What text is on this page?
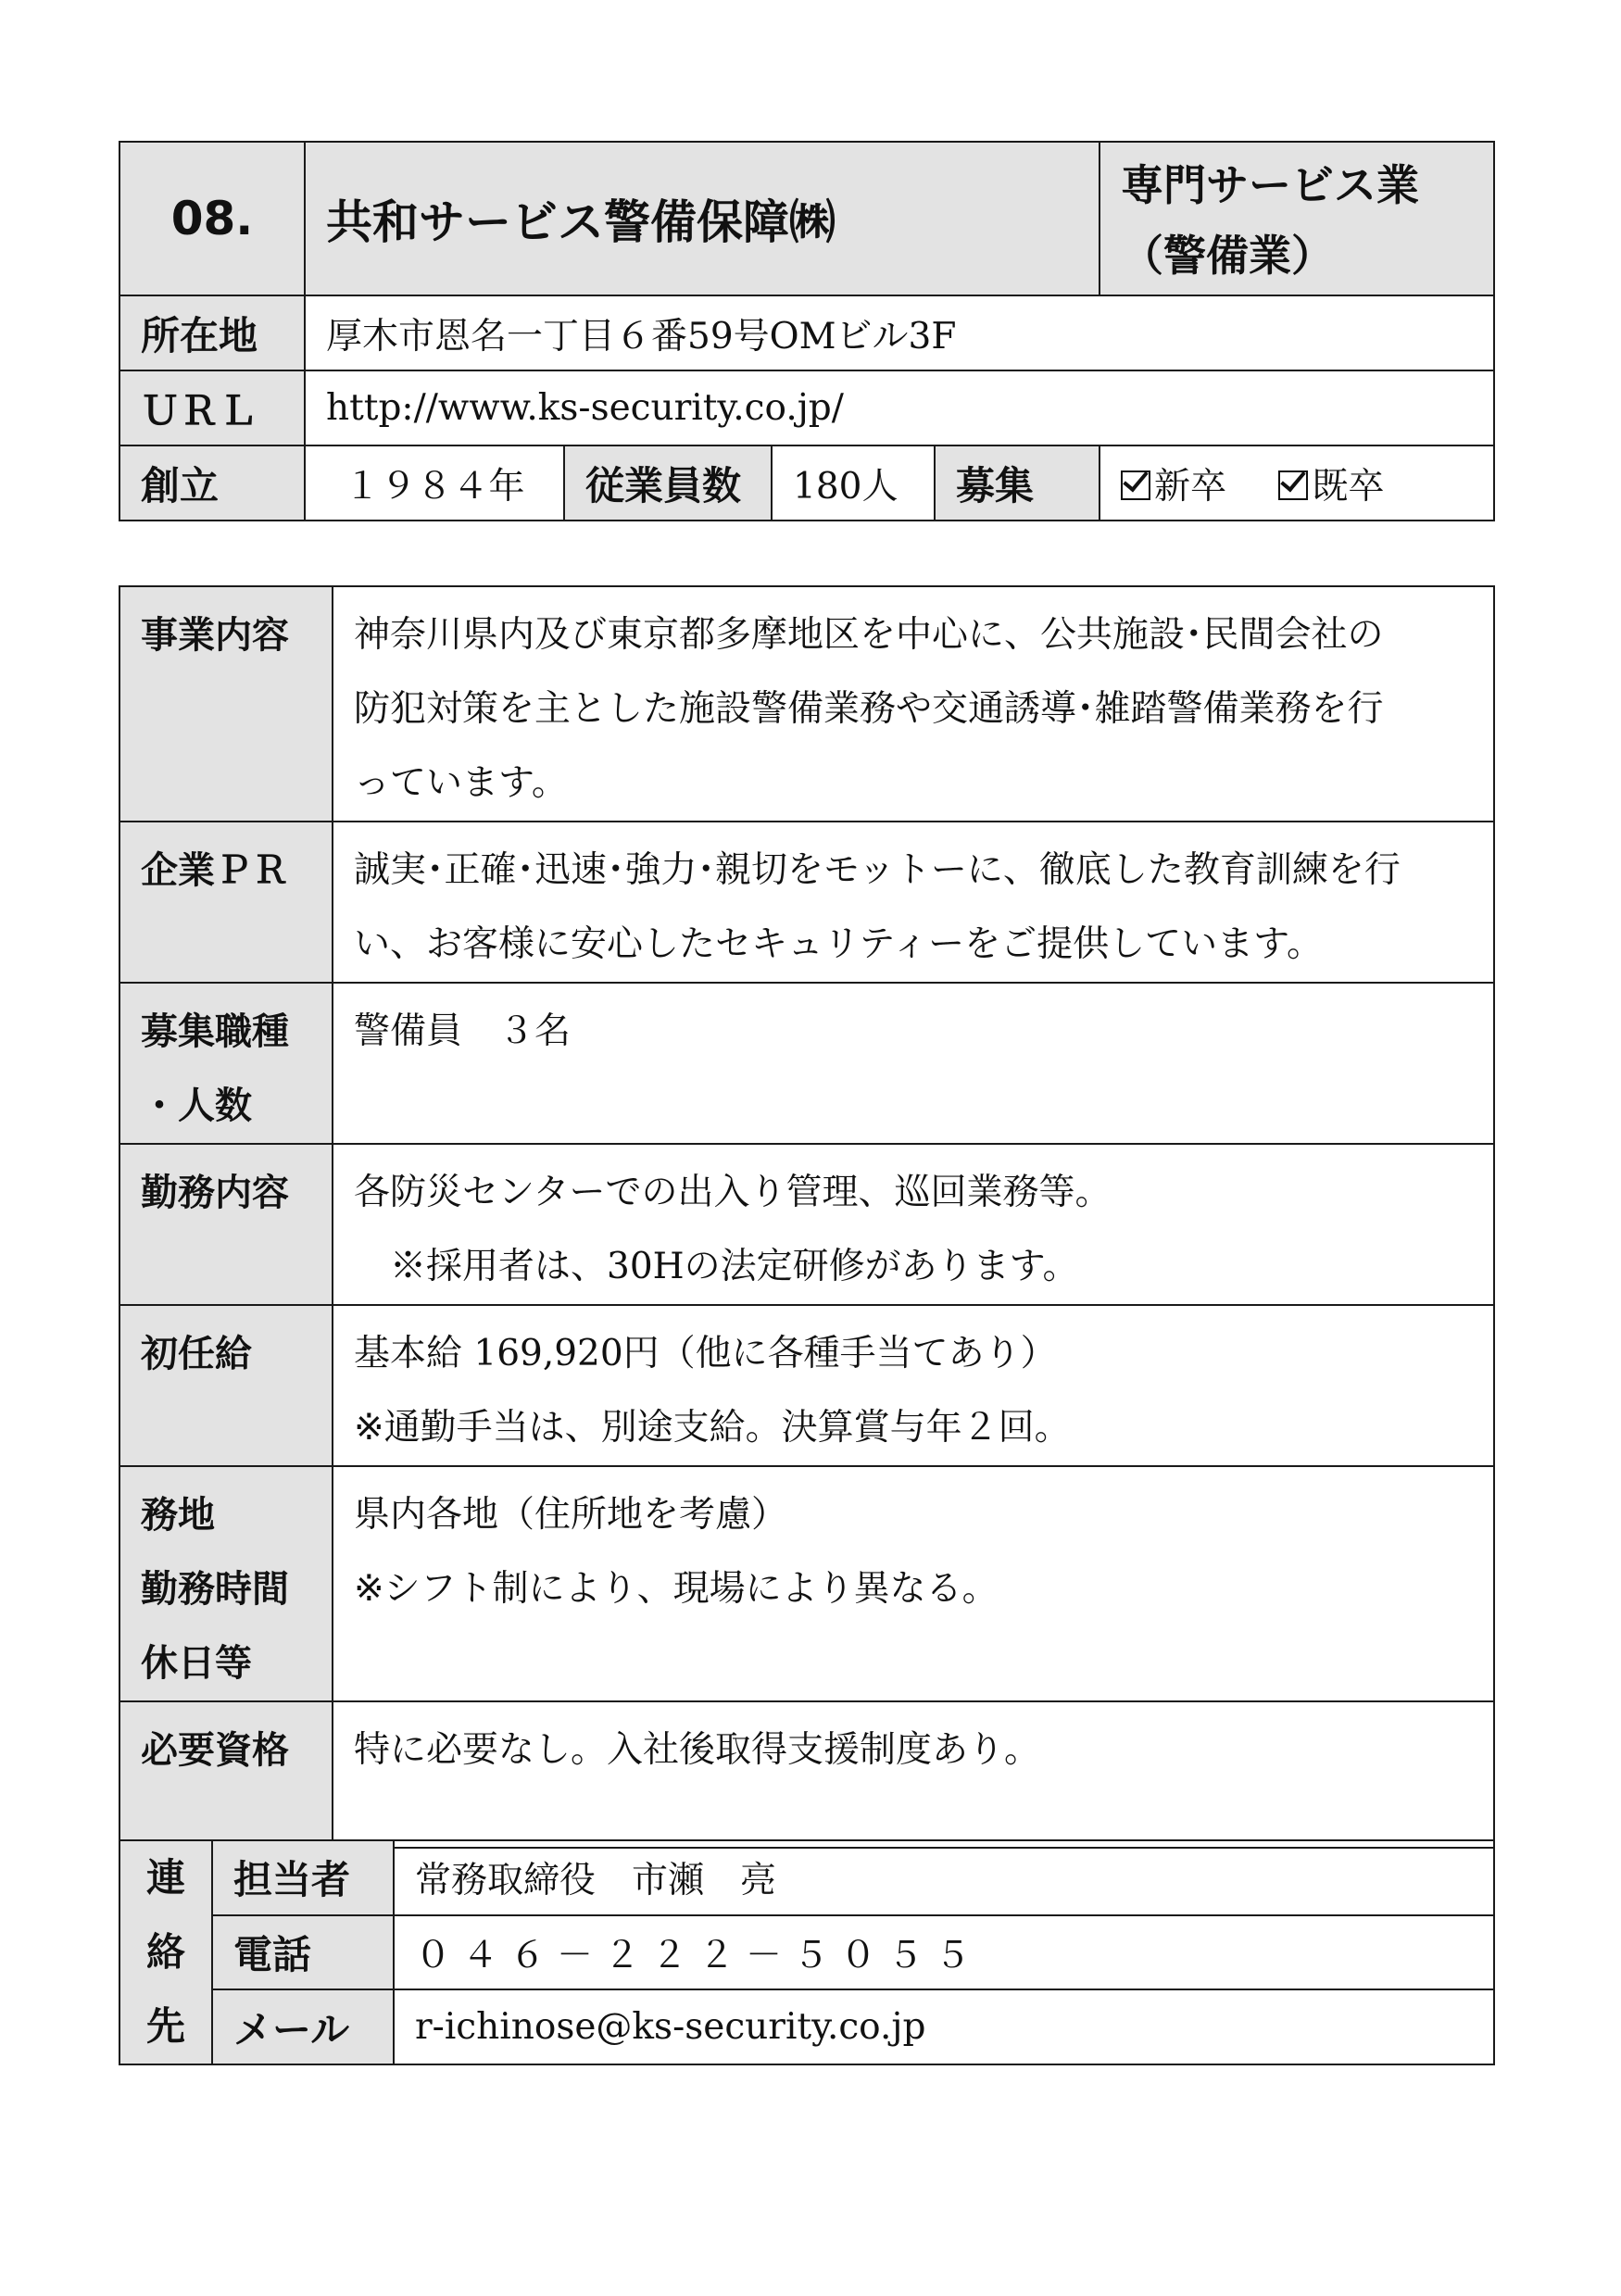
08.	共和サービス警備保障㈱				専門サービス業
（警備業）

所在地	厚木市恩名一丁目６番59号OMビル3F				
ＵＲＬ	http://www.ks-security.co.jp/				
創立	１９８４年	従業員数	180人	募集	新卒 既卒
事業内容	神奈川県内及び東京都多摩地区を中心に、公共施設･民間会社の
防犯対策を主とした施設警備業務や交通誘導･雑踏警備業務を行
っています。
企業ＰＲ	誠実･正確･迅速･強力･親切をモットーに、徹底した教育訓練を行
い、お客様に安心したセキュリティーをご提供しています。
募集職種
・人数	警備員　３名
勤務内容	各防災センターでの出入り管理、巡回業務等。
　※採用者は、30Hの法定研修があります。
初任給	基本給 169,920円（他に各種手当てあり）
※通勤手当は、別途支給。決算賞与年２回。
務地
勤務時間
休日等	県内各地（住所地を考慮）
※シフト制により、現場により異なる。
必要資格	特に必要なし。入社後取得支援制度あり。
連
絡
先	担当者	常務取締役　市瀬　亮
	電話	０４６－２２２－５０５５
	メール	r-ichinose@ks-security.co.jp
